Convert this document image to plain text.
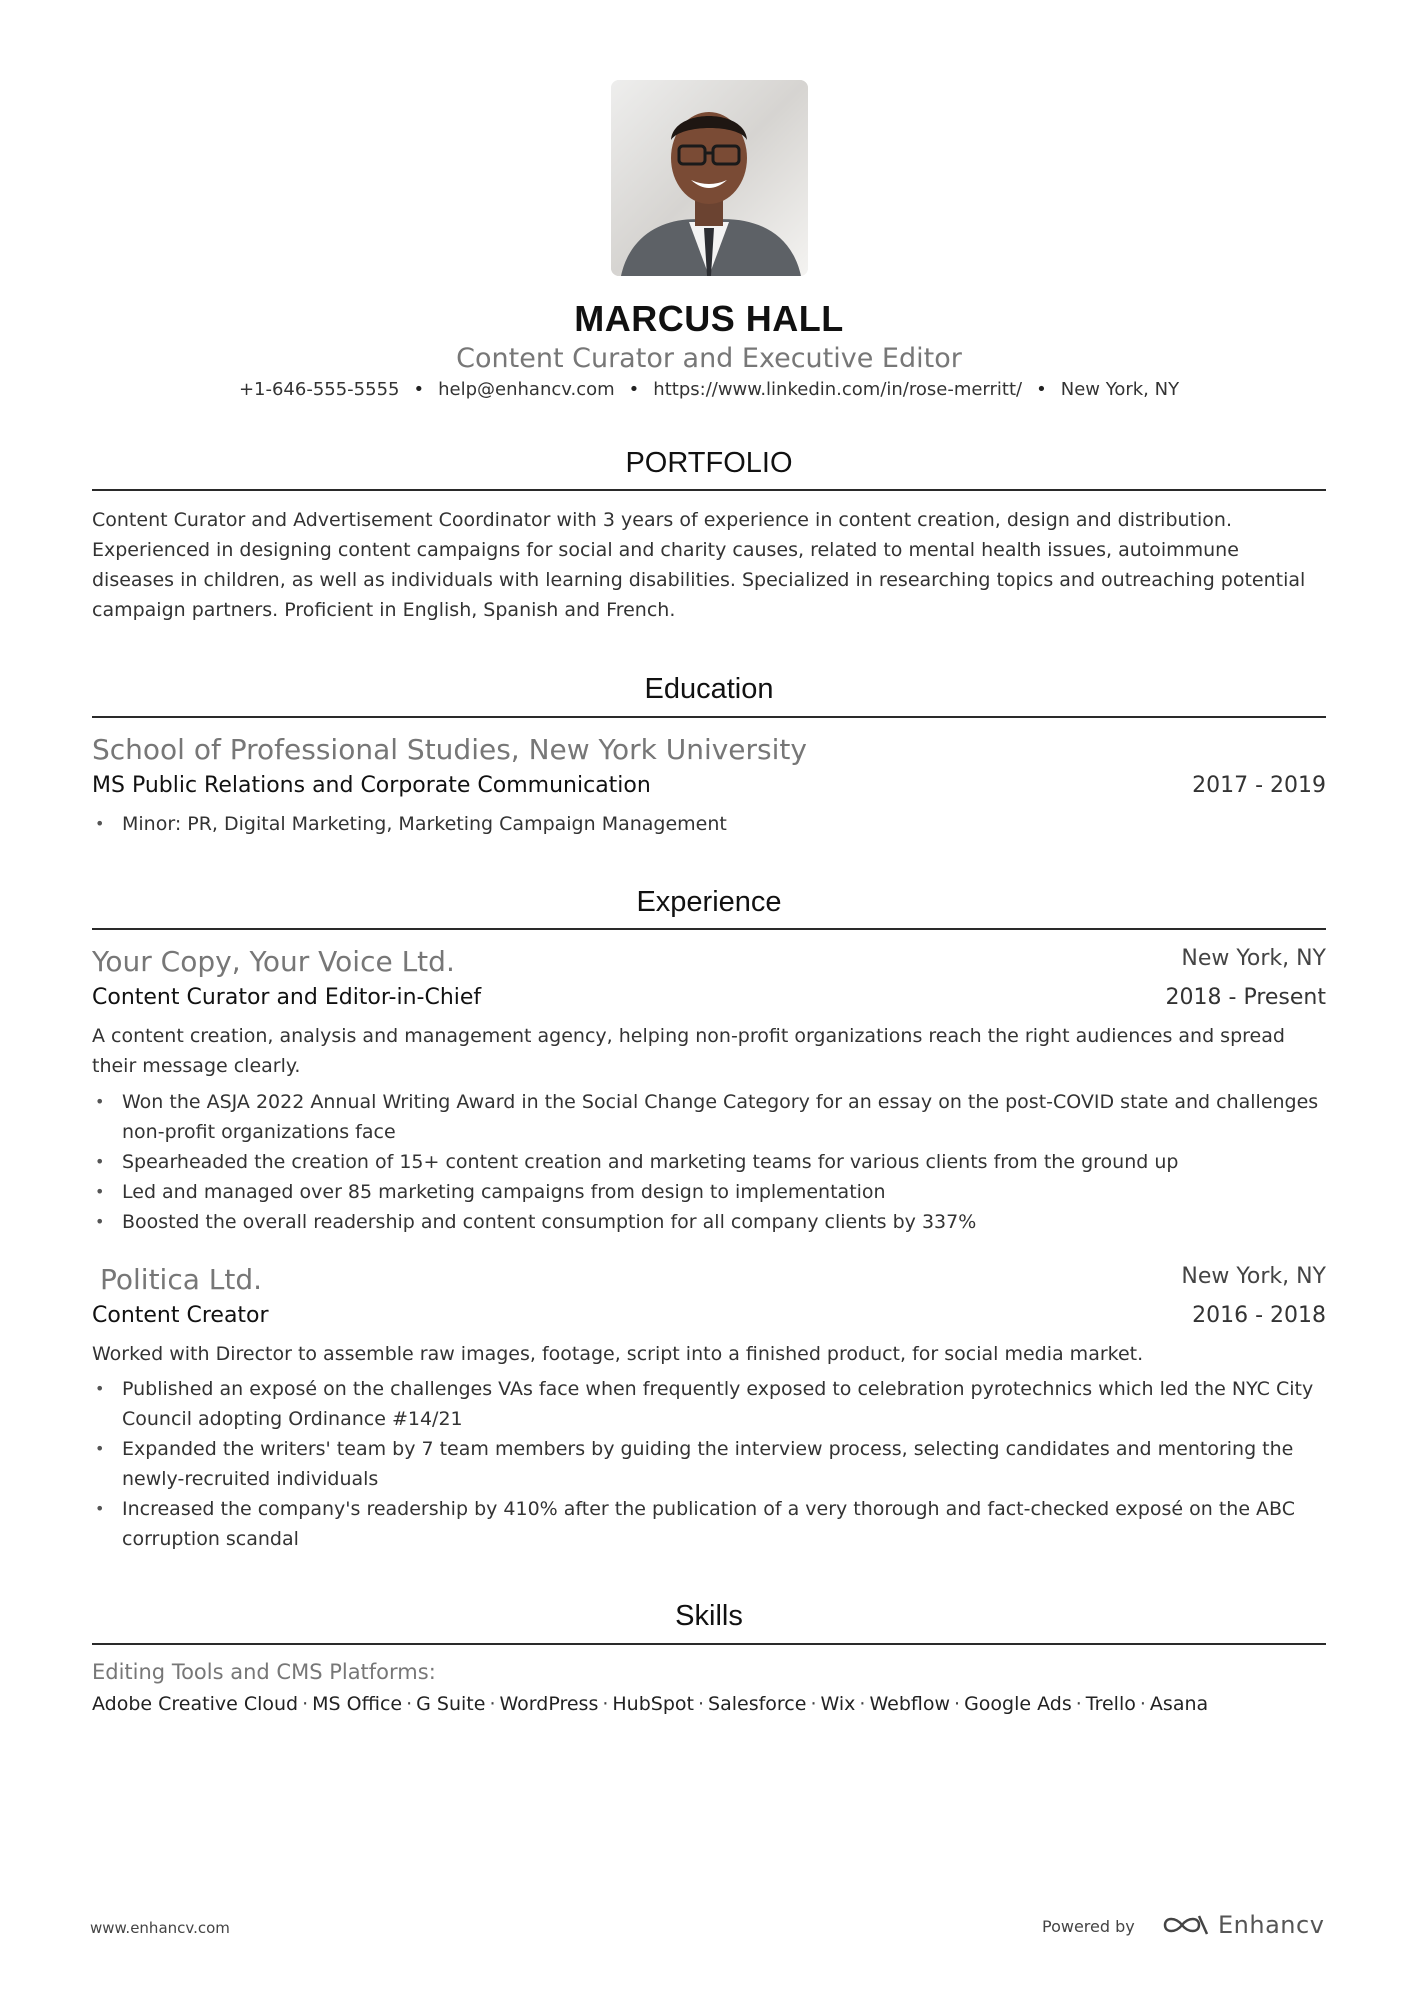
MARCUS HALL
Content Curator and Executive Editor
+1-646-555-5555 • help@enhancv.com • https://www.linkedin.com/in/rose-merritt/ • New York, NY
PORTFOLIO
Content Curator and Advertisement Coordinator with 3 years of experience in content creation, design and distribution. Experienced in designing content campaigns for social and charity causes, related to mental health issues, autoimmune diseases in children, as well as individuals with learning disabilities. Specialized in researching topics and outreaching potential campaign partners. Proficient in English, Spanish and French.
Education
School of Professional Studies, New York University
MS Public Relations and Corporate Communication	2017 - 2019
• Minor: PR, Digital Marketing, Marketing Campaign Management
Experience
Your Copy, Your Voice Ltd.	New York, NY
Content Curator and Editor-in-Chief	2018 - Present
A content creation, analysis and management agency, helping non-profit organizations reach the right audiences and spread their message clearly.
• Won the ASJA 2022 Annual Writing Award in the Social Change Category for an essay on the post-COVID state and challenges non-profit organizations face
• Spearheaded the creation of 15+ content creation and marketing teams for various clients from the ground up
• Led and managed over 85 marketing campaigns from design to implementation
• Boosted the overall readership and content consumption for all company clients by 337%
Politica Ltd.	New York, NY
Content Creator	2016 - 2018
Worked with Director to assemble raw images, footage, script into a finished product, for social media market.
• Published an exposé on the challenges VAs face when frequently exposed to celebration pyrotechnics which led the NYC City Council adopting Ordinance #14/21
• Expanded the writers' team by 7 team members by guiding the interview process, selecting candidates and mentoring the newly-recruited individuals
• Increased the company's readership by 410% after the publication of a very thorough and fact-checked exposé on the ABC corruption scandal
Skills
Editing Tools and CMS Platforms:
Adobe Creative Cloud · MS Office · G Suite · WordPress · HubSpot · Salesforce · Wix · Webflow · Google Ads · Trello · Asana
www.enhancv.com	Powered by	Enhancv
